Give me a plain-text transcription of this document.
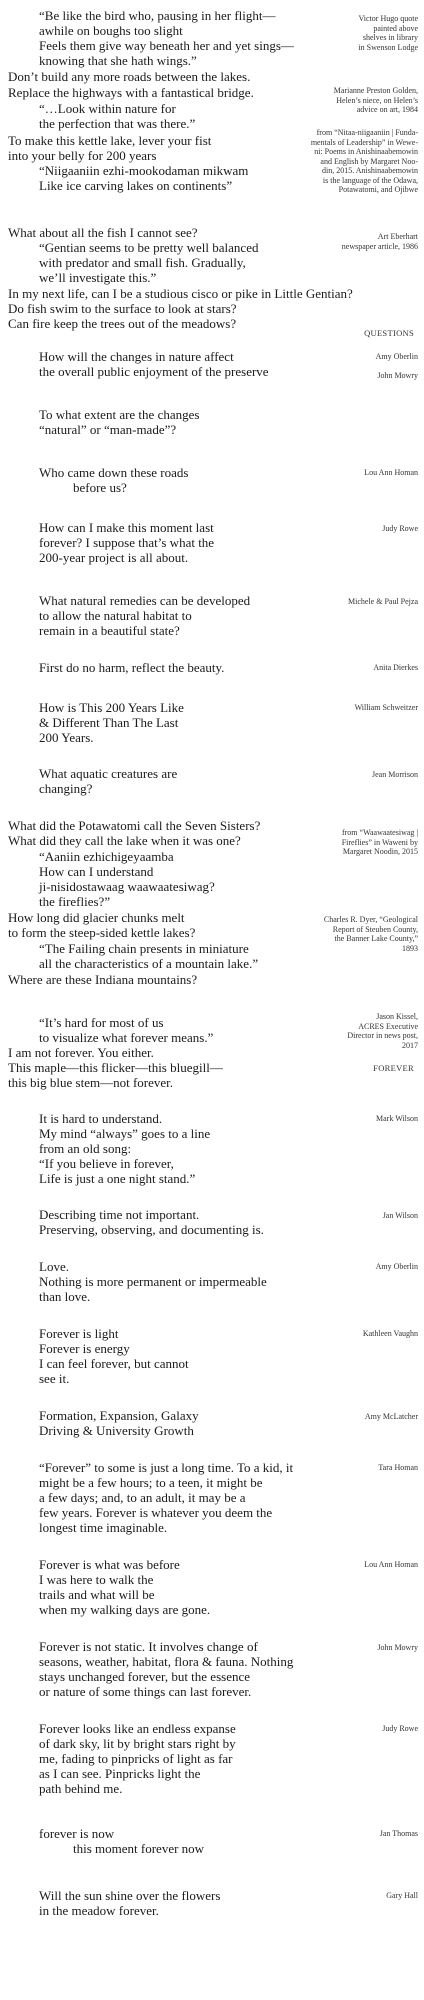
“Be like the bird who, pausing in her flight—
awhile on boughs too slight
Feels them give way beneath her and yet sings—
knowing that she hath wings.”
Don’t build any more roads between the lakes.
Replace the highways with a fantastical bridge.
“…Look within nature for
the perfection that was there.”
To make this kettle lake, lever your fist
into your belly for 200 years
“Niigaaniin ezhi-mookodaman mikwam
Like ice carving lakes on continents”
What about all the fish I cannot see?
“Gentian seems to be pretty well balanced
with predator and small fish. Gradually,
we’ll investigate this.”
In my next life, can I be a studious cisco or pike in Little Gentian?
Do fish swim to the surface to look at stars?
Can fire keep the trees out of the meadows?
How will the changes in nature affect
the overall public enjoyment of the preserve
To what extent are the changes
“natural” or “man-made”?
Who came down these roads
before us?
How can I make this moment last
forever? I suppose that’s what the
200-year project is all about.
What natural remedies can be developed
to allow the natural habitat to
remain in a beautiful state?
First do no harm, reflect the beauty.
How is This 200 Years Like
& Different Than The Last
200 Years.
What aquatic creatures are
changing?
What did the Potawatomi call the Seven Sisters?
What did they call the lake when it was one?
“Aaniin ezhichigeyaamba
How can I understand
ji-nisidostawaag waawaatesiwag?
the fireflies?”
How long did glacier chunks melt
to form the steep-sided kettle lakes?
“The Failing chain presents in miniature
all the characteristics of a mountain lake.”
Where are these Indiana mountains?
“It’s hard for most of us
to visualize what forever means.”
I am not forever. You either.
This maple—this flicker—this bluegill—
this big blue stem—not forever.
It is hard to understand.
My mind “always” goes to a line
from an old song:
“If you believe in forever,
Life is just a one night stand.”
Describing time not important.
Preserving, observing, and documenting is.
Love.
Nothing is more permanent or impermeable
than love.
Forever is light
Forever is energy
I can feel forever, but cannot
see it.
Formation, Expansion, Galaxy
Driving & University Growth
“Forever” to some is just a long time. To a kid, it
might be a few hours; to a teen, it might be
a few days; and, to an adult, it may be a
few years. Forever is whatever you deem the
longest time imaginable.
Forever is what was before
I was here to walk the
trails and what will be
when my walking days are gone.
Forever is not static. It involves change of
seasons, weather, habitat, flora & fauna. Nothing
stays unchanged forever, but the essence
or nature of some things can last forever.
Forever looks like an endless expanse
of dark sky, lit by bright stars right by
me, fading to pinpricks of light as far
as I can see. Pinpricks light the
path behind me.
forever is now
this moment forever now
Will the sun shine over the flowers
in the meadow forever.
Victor Hugo quote
painted above
shelves in library
in Swenson Lodge
Marianne Preston Golden,
Helen’s niece, on Helen’s
advice on art, 1984
from “Nitaa-niigaaniin | Funda-
mentals of Leadership” in Wewe-
ni: Poems in Anishinaabemowin
and English by Margaret Noo-
din, 2015. Anishinaabemowin
is the language of the Odawa,
Potawatomi, and Ojibwe
Art Eberhart
newspaper article, 1986
John Mowry
from “Waawaatesiwag |
Fireflies” in Waweni by
Margaret Noodin, 2015
Charles R. Dyer, “Geological
Report of Steuben County,
the Banner Lake County,”
1893
Jason Kissel,
ACRES Executive
Director in news post,
2017
Amy Oberlin
Lou Ann Homan
Judy Rowe
Michele & Paul Pejza
Anita Dierkes
William Schweitzer
Jean Morrison
Mark Wilson
Jan Wilson
Amy Oberlin
Kathleen Vaughn
Amy McLatcher
Tara Homan
Lou Ann Homan
John Mowry
Judy Rowe
Jan Thomas
Gary Hall
QUESTIONS
FOREVER
